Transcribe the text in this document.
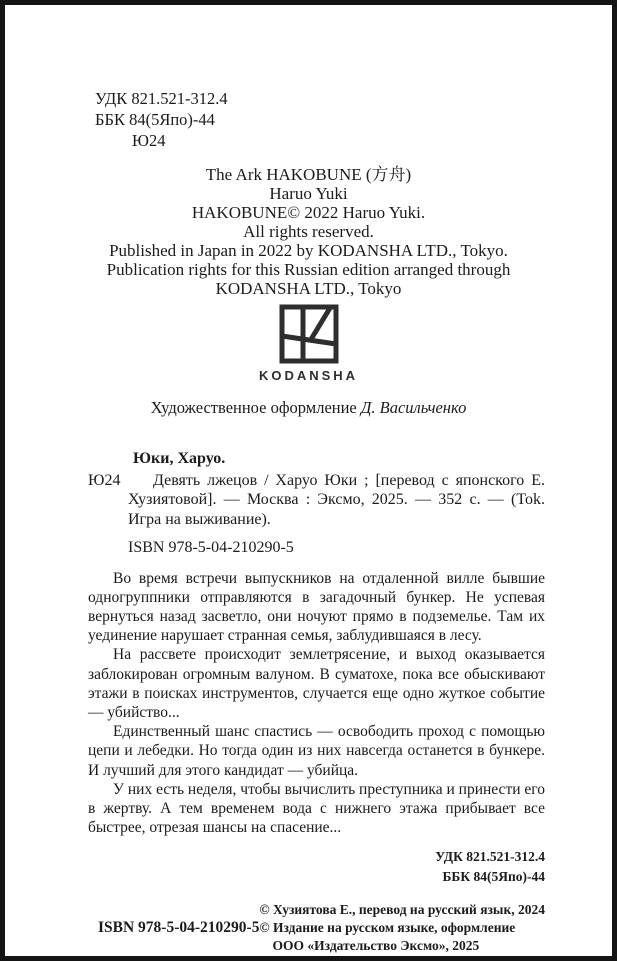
УДК 821.521-312.4
ББК 84(5Япо)-44
Ю24
The Ark HAKOBUNE (方舟)
Haruo Yuki
HAKOBUNE© 2022 Haruo Yuki.
All rights reserved.
Published in Japan in 2022 by KODANSHA LTD., Tokyo.
Publication rights for this Russian edition arranged through
KODANSHA LTD., Tokyo
KODANSHA
Художественное оформление Д. Васильченко
Юки, Харуо.
Ю24	Девять лжецов / Харуо Юки ; [перевод с японского Е. Хузиятовой]. — Москва : Эксмо, 2025. — 352 с. — (Tok. Игра на выживание).

ISBN 978-5-04-210290-5

Во время встречи выпускников на отдаленной вилле бывшие одногруппники отправляются в загадочный бункер. Не успевая вернуться назад засветло, они ночуют прямо в подземелье. Там их уединение нарушает странная семья, заблудившаяся в лесу.

На рассвете происходит землетрясение, и выход оказывается заблокирован огромным валуном. В суматохе, пока все обыскивают этажи в поисках инструментов, случается еще одно жуткое событие — убийство...

Единственный шанс спастись — освободить проход с помощью цепи и лебедки. Но тогда один из них навсегда останется в бункере. И лучший для этого кандидат — убийца.

У них есть неделя, чтобы вычислить преступника и принести его в жертву. А тем временем вода с нижнего этажа прибывает все быстрее, отрезая шансы на спасение...

УДК 821.521-312.4
ББК 84(5Япо)-44
ISBN 978-5-04-210290-5
© Хузиятова Е., перевод на русский язык, 2024
© Издание на русском языке, оформление
ООО «Издательство Эксмо», 2025
